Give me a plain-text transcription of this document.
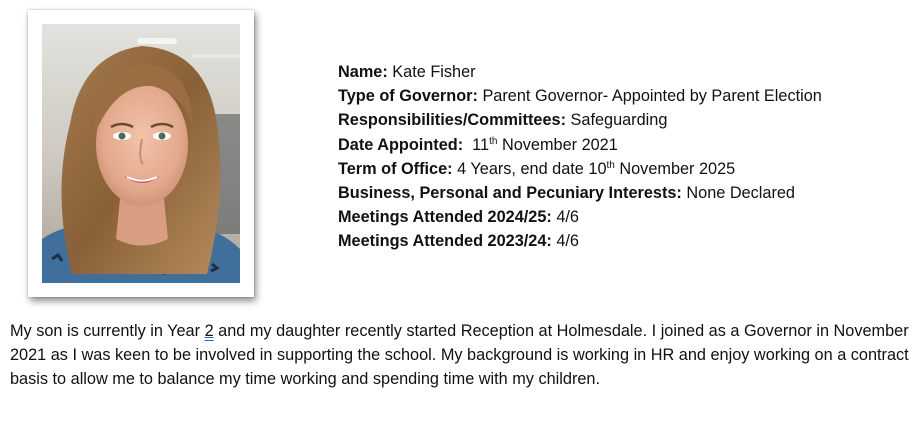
Name: Kate Fisher
Type of Governor: Parent Governor- Appointed by Parent Election
Responsibilities/Committees: Safeguarding
Date Appointed:  11th November 2021
Term of Office: 4 Years, end date 10th November 2025
Business, Personal and Pecuniary Interests: None Declared
Meetings Attended 2024/25: 4/6
Meetings Attended 2023/24: 4/6
My son is currently in Year 2 and my daughter recently started Reception at Holmesdale. I joined as a Governor in November 2021 as I was keen to be involved in supporting the school. My background is working in HR and enjoy working on a contract basis to allow me to balance my time working and spending time with my children.
